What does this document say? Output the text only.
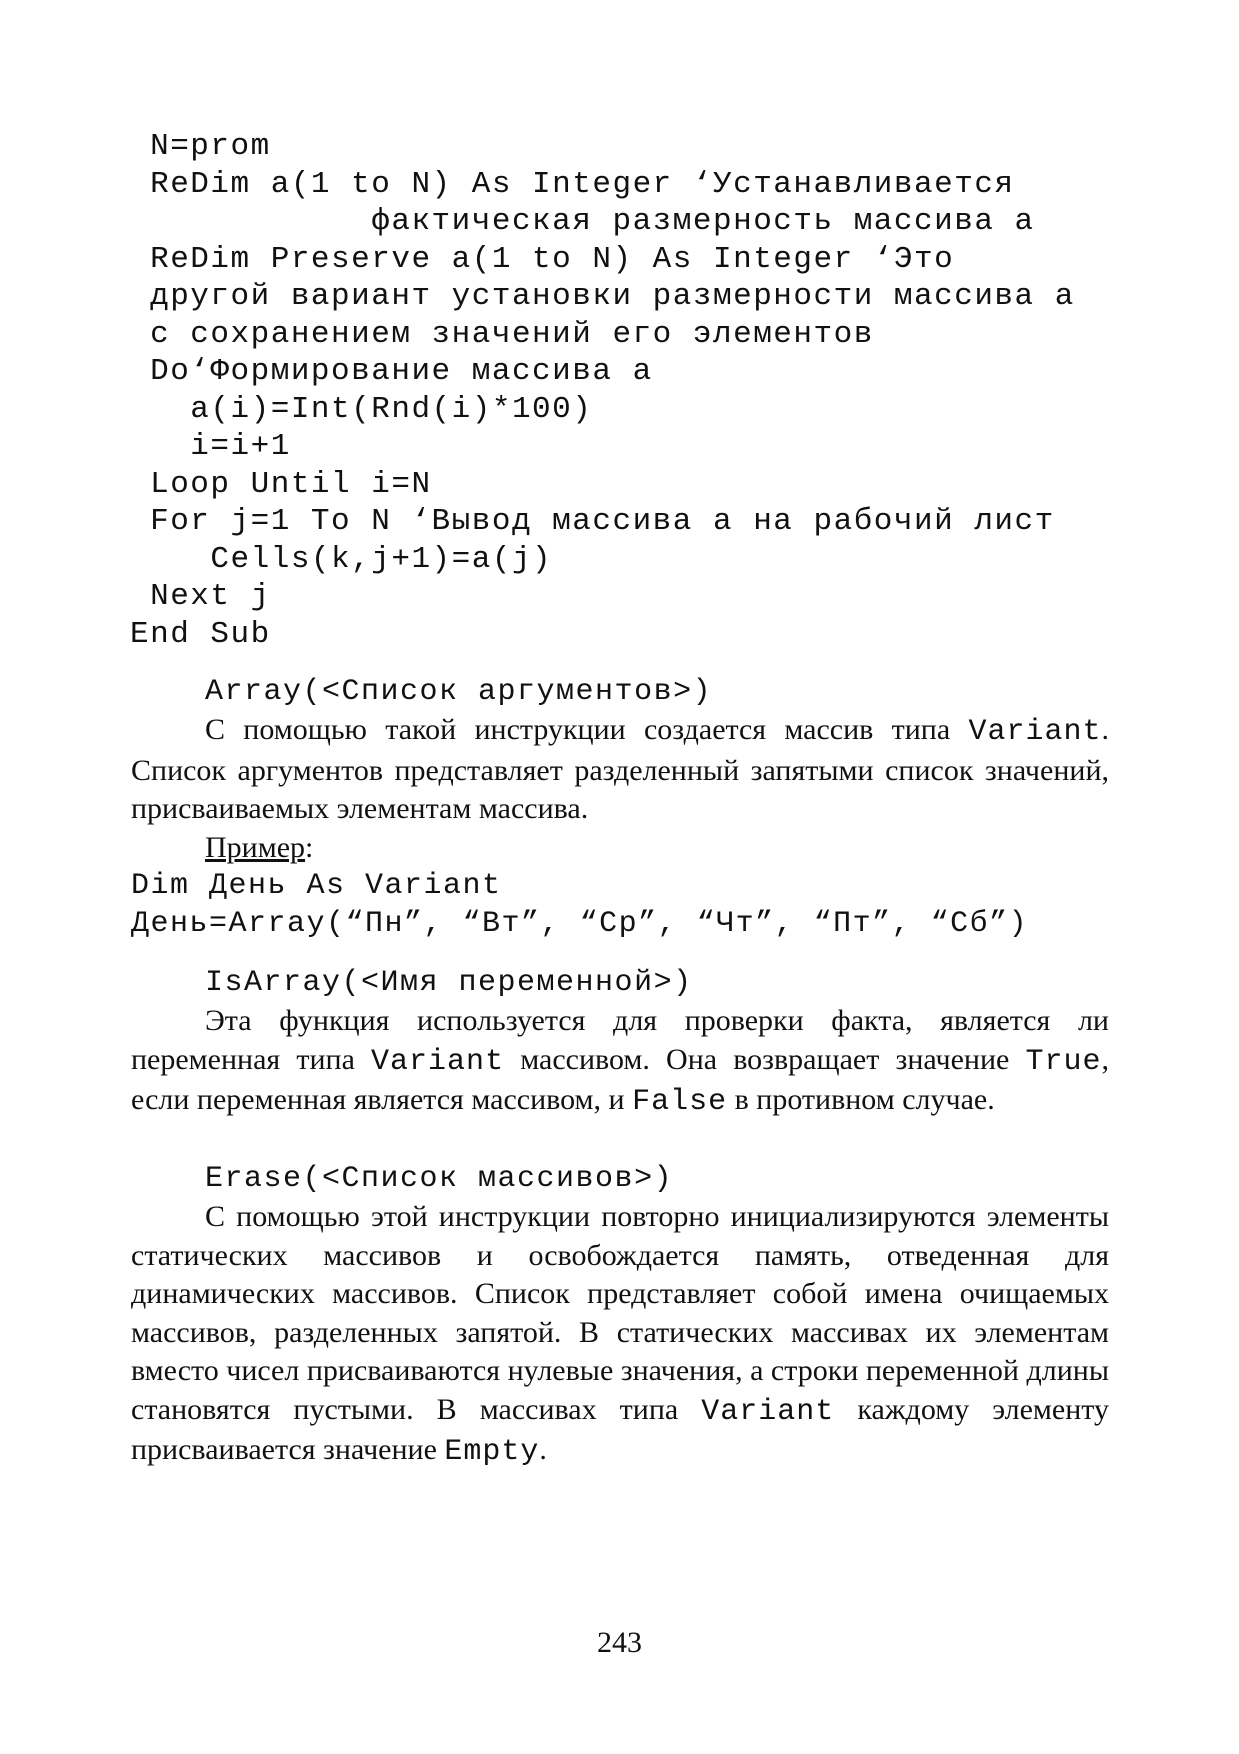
N=prom
ReDim a(1 to N) As Integer ‘Устанавливается
фактическая размерность массива a
ReDim Preserve a(1 to N) As Integer ‘Это
другой вариант установки размерности массива a
с сохранением значений его элементов
Do‘Формирование массива a
a(i)=Int(Rnd(i)*100)
i=i+1
Loop Until i=N
For j=1 To N ‘Вывод массива a на рабочий лист
Cells(k,j+1)=a(j)
Next j
End Sub

Array(<Список аргументов>)

С помощью такой инструкции создается массив типа Variant. Список аргументов представляет разделенный запятыми список значений, присваиваемых элементам массива.

Пример:

Dim День As Variant

День=Array(“Пн”, “Вт”, “Ср”, “Чт”, “Пт”, “Сб”)

IsArray(<Имя переменной>)

Эта функция используется для проверки факта, является ли переменная типа Variant массивом. Она возвращает значение True, если переменная является массивом, и False в противном случае.

Erase(<Список массивов>)

С помощью этой инструкции повторно инициализируются элементы статических массивов и освобождается память, отведенная для динамических массивов. Список представляет собой имена очищаемых массивов, разделенных запятой. В статических массивах их элементам вместо чисел присваиваются нулевые значения, а строки переменной длины становятся пустыми. В массивах типа Variant каждому элементу присваивается значение Empty.

243
